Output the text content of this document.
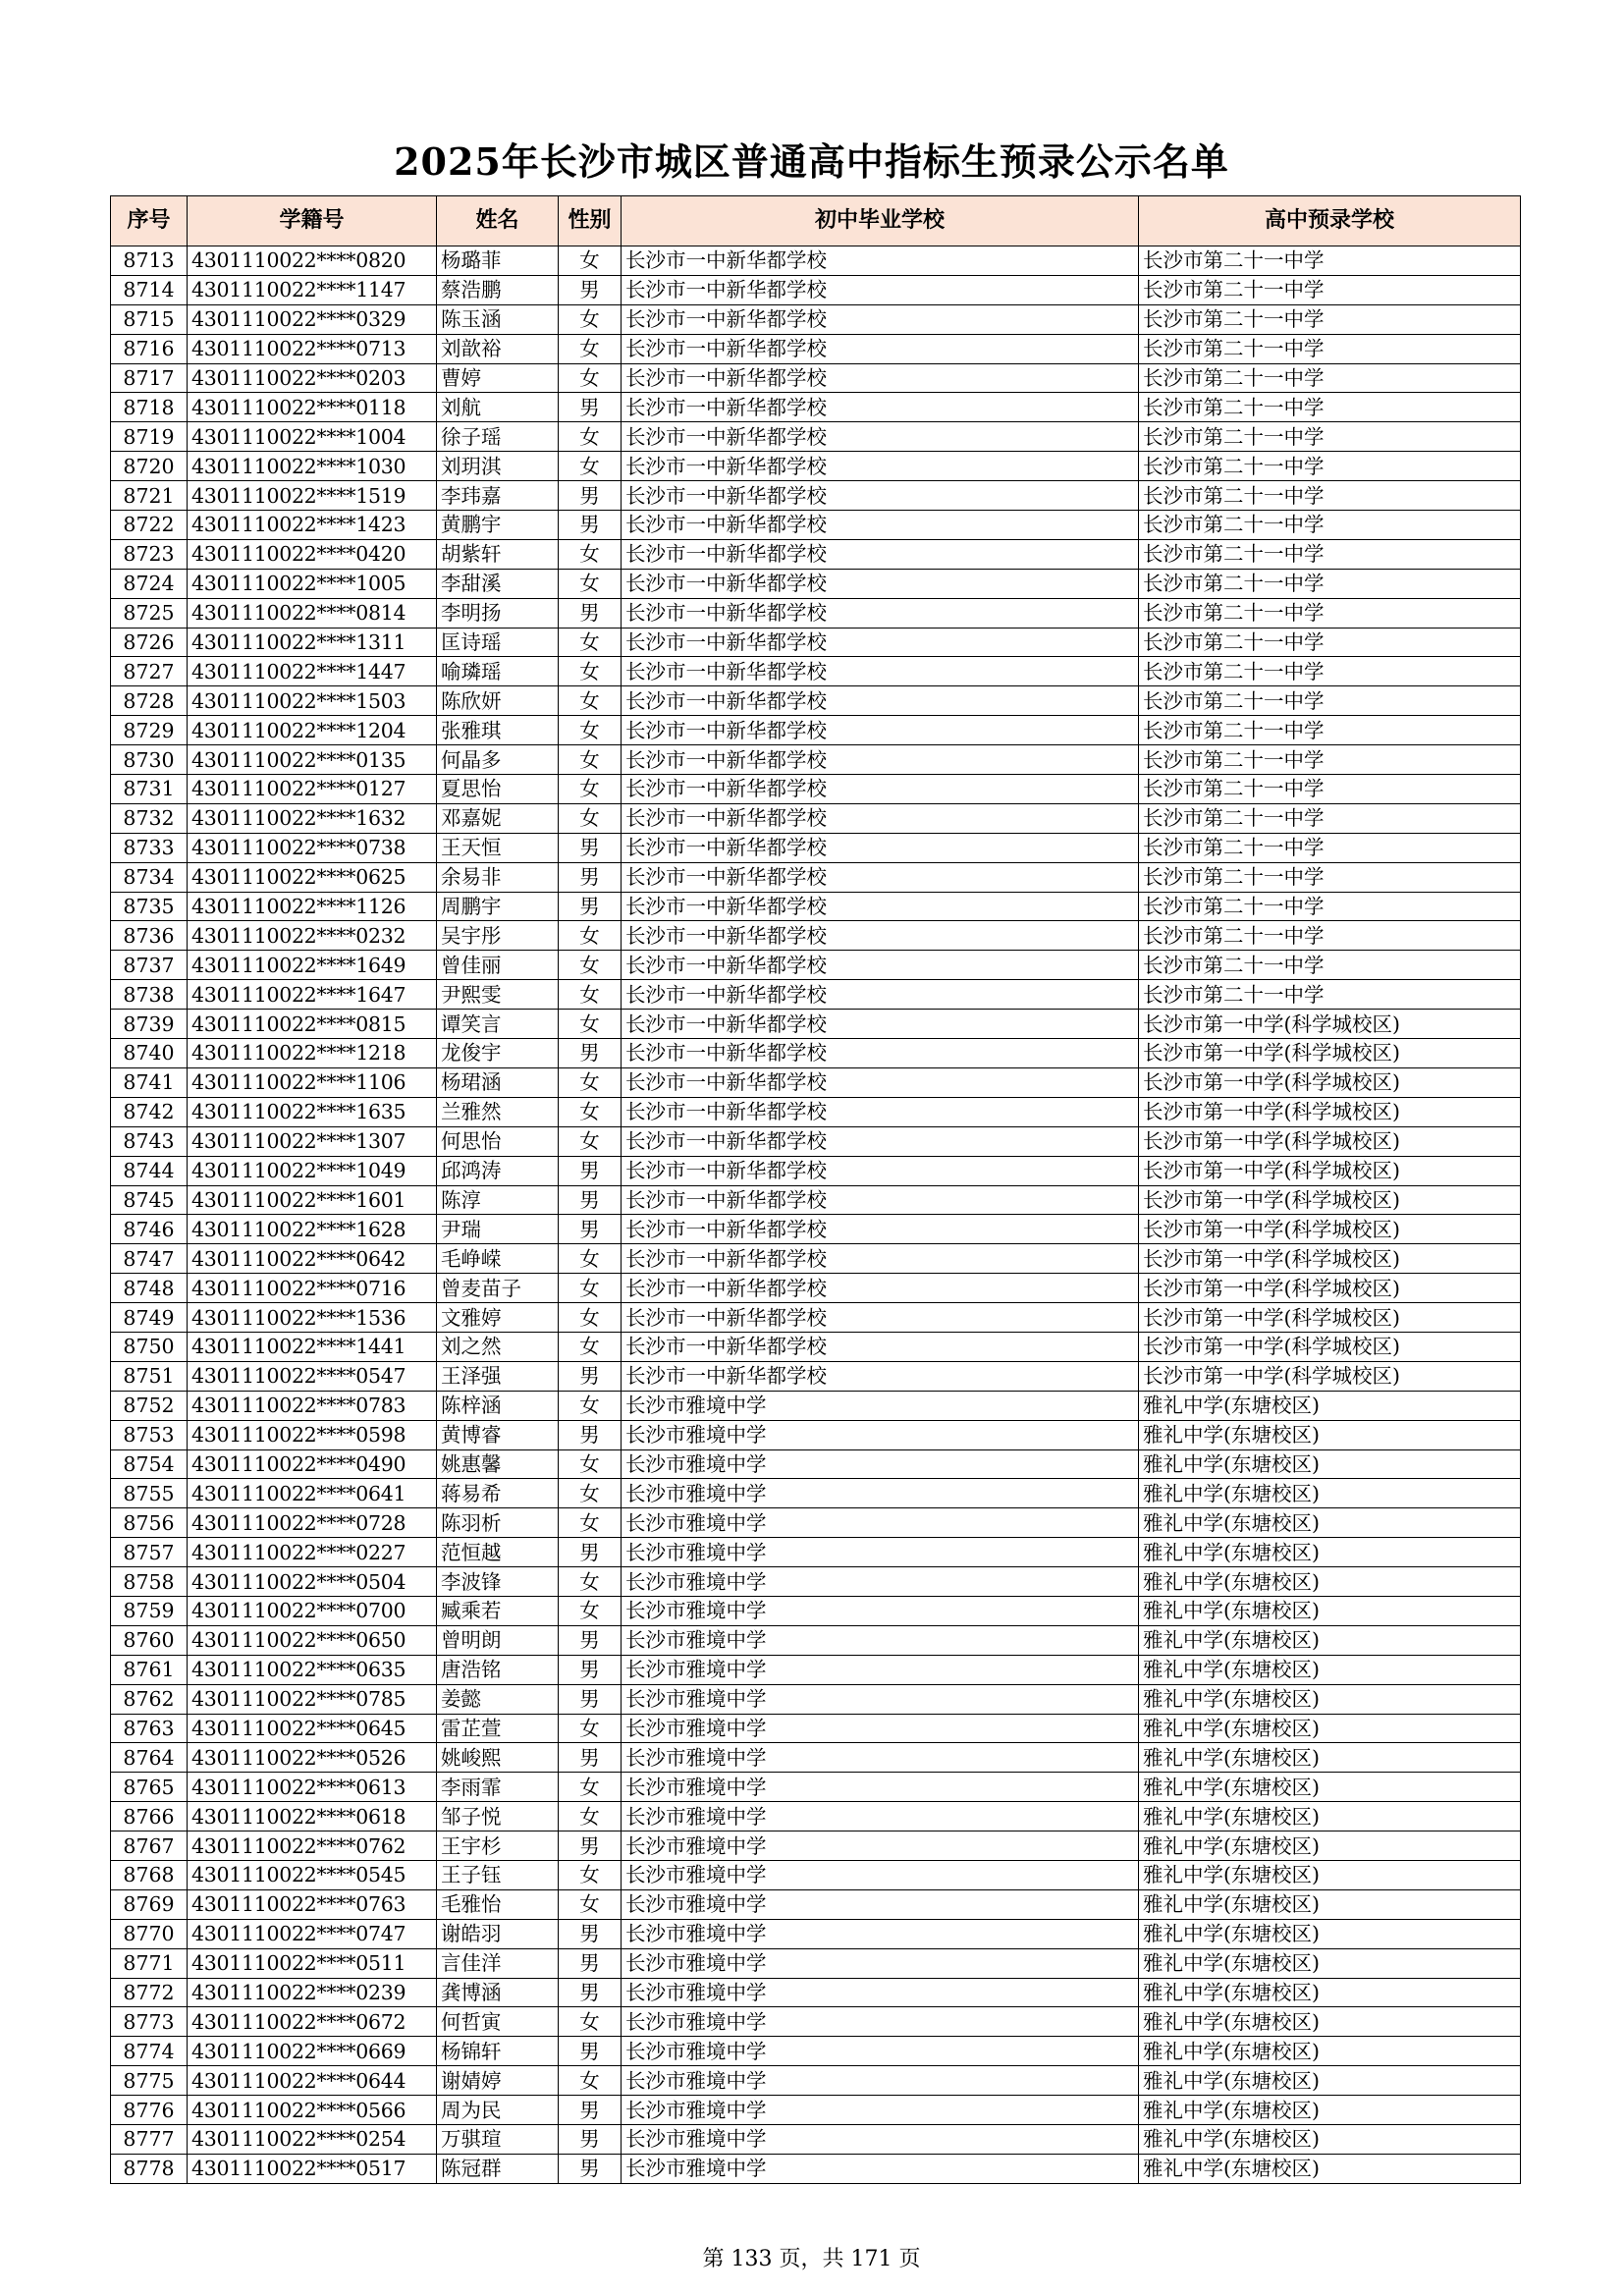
2025年长沙市城区普通高中指标生预录公示名单
序号	学籍号	姓名	性别	初中毕业学校	高中预录学校
8713	4301110022****0820	杨璐菲	女	长沙市一中新华都学校	长沙市第二十一中学
8714	4301110022****1147	蔡浩鹏	男	长沙市一中新华都学校	长沙市第二十一中学
8715	4301110022****0329	陈玉涵	女	长沙市一中新华都学校	长沙市第二十一中学
8716	4301110022****0713	刘歆裕	女	长沙市一中新华都学校	长沙市第二十一中学
8717	4301110022****0203	曹婷	女	长沙市一中新华都学校	长沙市第二十一中学
8718	4301110022****0118	刘航	男	长沙市一中新华都学校	长沙市第二十一中学
8719	4301110022****1004	徐子瑶	女	长沙市一中新华都学校	长沙市第二十一中学
8720	4301110022****1030	刘玥淇	女	长沙市一中新华都学校	长沙市第二十一中学
8721	4301110022****1519	李玮嘉	男	长沙市一中新华都学校	长沙市第二十一中学
8722	4301110022****1423	黄鹏宇	男	长沙市一中新华都学校	长沙市第二十一中学
8723	4301110022****0420	胡紫轩	女	长沙市一中新华都学校	长沙市第二十一中学
8724	4301110022****1005	李甜溪	女	长沙市一中新华都学校	长沙市第二十一中学
8725	4301110022****0814	李明扬	男	长沙市一中新华都学校	长沙市第二十一中学
8726	4301110022****1311	匡诗瑶	女	长沙市一中新华都学校	长沙市第二十一中学
8727	4301110022****1447	喻璘瑶	女	长沙市一中新华都学校	长沙市第二十一中学
8728	4301110022****1503	陈欣妍	女	长沙市一中新华都学校	长沙市第二十一中学
8729	4301110022****1204	张雅琪	女	长沙市一中新华都学校	长沙市第二十一中学
8730	4301110022****0135	何晶多	女	长沙市一中新华都学校	长沙市第二十一中学
8731	4301110022****0127	夏思怡	女	长沙市一中新华都学校	长沙市第二十一中学
8732	4301110022****1632	邓嘉妮	女	长沙市一中新华都学校	长沙市第二十一中学
8733	4301110022****0738	王天恒	男	长沙市一中新华都学校	长沙市第二十一中学
8734	4301110022****0625	余易非	男	长沙市一中新华都学校	长沙市第二十一中学
8735	4301110022****1126	周鹏宇	男	长沙市一中新华都学校	长沙市第二十一中学
8736	4301110022****0232	吴宇彤	女	长沙市一中新华都学校	长沙市第二十一中学
8737	4301110022****1649	曾佳丽	女	长沙市一中新华都学校	长沙市第二十一中学
8738	4301110022****1647	尹熙雯	女	长沙市一中新华都学校	长沙市第二十一中学
8739	4301110022****0815	谭笑言	女	长沙市一中新华都学校	长沙市第一中学(科学城校区)
8740	4301110022****1218	龙俊宇	男	长沙市一中新华都学校	长沙市第一中学(科学城校区)
8741	4301110022****1106	杨珺涵	女	长沙市一中新华都学校	长沙市第一中学(科学城校区)
8742	4301110022****1635	兰雅然	女	长沙市一中新华都学校	长沙市第一中学(科学城校区)
8743	4301110022****1307	何思怡	女	长沙市一中新华都学校	长沙市第一中学(科学城校区)
8744	4301110022****1049	邱鸿涛	男	长沙市一中新华都学校	长沙市第一中学(科学城校区)
8745	4301110022****1601	陈淳	男	长沙市一中新华都学校	长沙市第一中学(科学城校区)
8746	4301110022****1628	尹瑞	男	长沙市一中新华都学校	长沙市第一中学(科学城校区)
8747	4301110022****0642	毛峥嵘	女	长沙市一中新华都学校	长沙市第一中学(科学城校区)
8748	4301110022****0716	曾麦苗子	女	长沙市一中新华都学校	长沙市第一中学(科学城校区)
8749	4301110022****1536	文雅婷	女	长沙市一中新华都学校	长沙市第一中学(科学城校区)
8750	4301110022****1441	刘之然	女	长沙市一中新华都学校	长沙市第一中学(科学城校区)
8751	4301110022****0547	王泽强	男	长沙市一中新华都学校	长沙市第一中学(科学城校区)
8752	4301110022****0783	陈梓涵	女	长沙市雅境中学	雅礼中学(东塘校区)
8753	4301110022****0598	黄博睿	男	长沙市雅境中学	雅礼中学(东塘校区)
8754	4301110022****0490	姚惠馨	女	长沙市雅境中学	雅礼中学(东塘校区)
8755	4301110022****0641	蒋易希	女	长沙市雅境中学	雅礼中学(东塘校区)
8756	4301110022****0728	陈羽析	女	长沙市雅境中学	雅礼中学(东塘校区)
8757	4301110022****0227	范恒越	男	长沙市雅境中学	雅礼中学(东塘校区)
8758	4301110022****0504	李波锋	女	长沙市雅境中学	雅礼中学(东塘校区)
8759	4301110022****0700	臧乘若	女	长沙市雅境中学	雅礼中学(东塘校区)
8760	4301110022****0650	曾明朗	男	长沙市雅境中学	雅礼中学(东塘校区)
8761	4301110022****0635	唐浩铭	男	长沙市雅境中学	雅礼中学(东塘校区)
8762	4301110022****0785	姜懿	男	长沙市雅境中学	雅礼中学(东塘校区)
8763	4301110022****0645	雷芷萱	女	长沙市雅境中学	雅礼中学(东塘校区)
8764	4301110022****0526	姚峻熙	男	长沙市雅境中学	雅礼中学(东塘校区)
8765	4301110022****0613	李雨霏	女	长沙市雅境中学	雅礼中学(东塘校区)
8766	4301110022****0618	邹子悦	女	长沙市雅境中学	雅礼中学(东塘校区)
8767	4301110022****0762	王宇杉	男	长沙市雅境中学	雅礼中学(东塘校区)
8768	4301110022****0545	王子钰	女	长沙市雅境中学	雅礼中学(东塘校区)
8769	4301110022****0763	毛雅怡	女	长沙市雅境中学	雅礼中学(东塘校区)
8770	4301110022****0747	谢皓羽	男	长沙市雅境中学	雅礼中学(东塘校区)
8771	4301110022****0511	言佳洋	男	长沙市雅境中学	雅礼中学(东塘校区)
8772	4301110022****0239	龚博涵	男	长沙市雅境中学	雅礼中学(东塘校区)
8773	4301110022****0672	何哲寅	女	长沙市雅境中学	雅礼中学(东塘校区)
8774	4301110022****0669	杨锦轩	男	长沙市雅境中学	雅礼中学(东塘校区)
8775	4301110022****0644	谢婧婷	女	长沙市雅境中学	雅礼中学(东塘校区)
8776	4301110022****0566	周为民	男	长沙市雅境中学	雅礼中学(东塘校区)
8777	4301110022****0254	万骐瑄	男	长沙市雅境中学	雅礼中学(东塘校区)
8778	4301110022****0517	陈冠群	男	长沙市雅境中学	雅礼中学(东塘校区)
第 133 页，共 171 页
